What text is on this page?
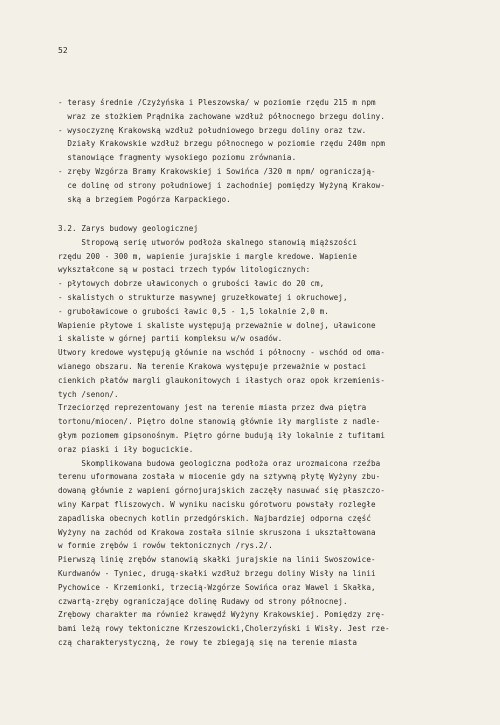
52
- terasy średnie /Czyżyńska i Pleszowska/ w poziomie rzędu 215 m npm
wraz ze stożkiem Prądnika zachowane wzdłuż północnego brzegu doliny.
- wysoczyznę Krakowską wzdłuż południowego brzegu doliny oraz tzw.
Działy Krakowskie wzdłuż brzegu północnego w poziomie rzędu 240m npm
stanowiące fragmenty wysokiego poziomu zrównania.
- zręby Wzgórza Bramy Krakowskiej i Sowińca /320 m npm/ ograniczają-
ce dolinę od strony południowej i zachodniej pomiędzy Wyżyną Krakow-
ską a brzegiem Pogórza Karpackiego.
3.2. Zarys budowy geologicznej
Stropową serię utworów podłoża skalnego stanowią miąższości
rzędu 200 - 300 m, wapienie jurajskie i margle kredowe. Wapienie
wykształcone są w postaci trzech typów litologicznych:
- płytowych dobrze uławiconych o grubości ławic do 20 cm,
- skalistych o strukturze masywnej gruzełkowatej i okruchowej,
- gruboławicowe o grubości ławic 0,5 - 1,5 lokalnie 2,0 m.
Wapienie płytowe i skaliste występują przeważnie w dolnej, uławicone
i skaliste w górnej partii kompleksu w/w osadów.
Utwory kredowe występują głównie na wschód i północny - wschód od oma-
wianego obszaru. Na terenie Krakowa występuje przeważnie w postaci
cienkich płatów margli glaukonitowych i iłastych oraz opok krzemienis-
tych /senon/.
Trzeciorzęd reprezentowany jest na terenie miasta przez dwa piętra
tortonu/miocen/. Piętro dolne stanowią głównie iły margliste z nadle-
głym poziomem gipsonośnym. Piętro górne budują iły lokalnie z tufitami
oraz piaski i iły bogucickie.
Skomplikowana budowa geologiczna podłoża oraz urozmaicona rzeźba
terenu uformowana została w miocenie gdy na sztywną płytę Wyżyny zbu-
dowaną głównie z wapieni górnojurajskich zaczęły nasuwać się płaszczo-
winy Karpat fliszowych. W wyniku nacisku górotworu powstały rozległe
zapadliska obecnych kotlin przedgórskich. Najbardziej odporna część
Wyżyny na zachód od Krakowa została silnie skruszona i ukształtowana
w formie zrębów i rowów tektonicznych /rys.2/.
Pierwszą linię zrębów stanowią skałki jurajskie na linii Swoszowice-
Kurdwanów - Tyniec, drugą-skałki wzdłuż brzegu doliny Wisły na linii
Pychowice - Krzemionki, trzecią-Wzgórze Sowińca oraz Wawel i Skałka,
czwartą-zręby ograniczające dolinę Rudawy od strony północnej.
Zrębowy charakter ma również krawędź Wyżyny Krakowskiej. Pomiędzy zrę-
bami leżą rowy tektoniczne Krzeszowicki,Cholerzyński i Wisły. Jest rze-
czą charakterystyczną, że rowy te zbiegają się na terenie miasta
